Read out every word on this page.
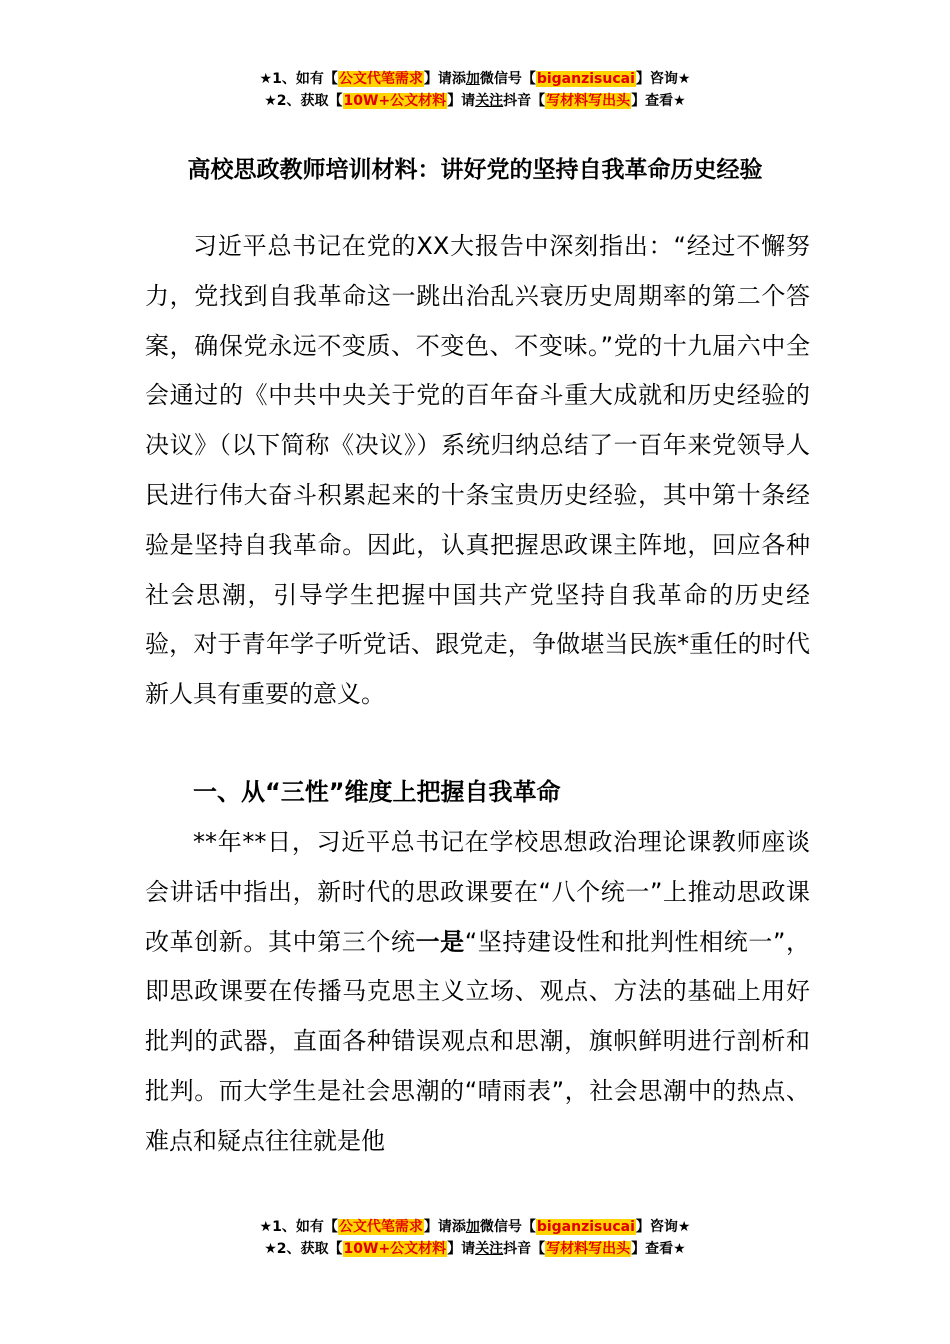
★1、如有【公文代笔需求】请添加微信号【biganzisucai】咨询★
★2、获取【10W+公文材料】请关注抖音【写材料写出头】查看★
高校思政教师培训材料：讲好党的坚持自我革命历史经验

习近平总书记在党的XX大报告中深刻指出：“经过不懈努力，党找到自我革命这一跳出治乱兴衰历史周期率的第二个答案，确保党永远不变质、不变色、不变味。”党的十九届六中全会通过的《中共中央关于党的百年奋斗重大成就和历史经验的决议》（以下简称《决议》）系统归纳总结了一百年来党领导人民进行伟大奋斗积累起来的十条宝贵历史经验，其中第十条经验是坚持自我革命。因此，认真把握思政课主阵地，回应各种社会思潮，引导学生把握中国共产党坚持自我革命的历史经验，对于青年学子听党话、跟党走，争做堪当民族*重任的时代新人具有重要的意义。

一、从“三性”维度上把握自我革命

**年**日，习近平总书记在学校思想政治理论课教师座谈会讲话中指出，新时代的思政课要在“八个统一”上推动思政课改革创新。其中第三个统一是“坚持建设性和批判性相统一”，即思政课要在传播马克思主义立场、观点、方法的基础上用好批判的武器，直面各种错误观点和思潮，旗帜鲜明进行剖析和批判。而大学生是社会思潮的“晴雨表”，社会思潮中的热点、难点和疑点往往就是他

★1、如有【公文代笔需求】请添加微信号【biganzisucai】咨询★
★2、获取【10W+公文材料】请关注抖音【写材料写出头】查看★
